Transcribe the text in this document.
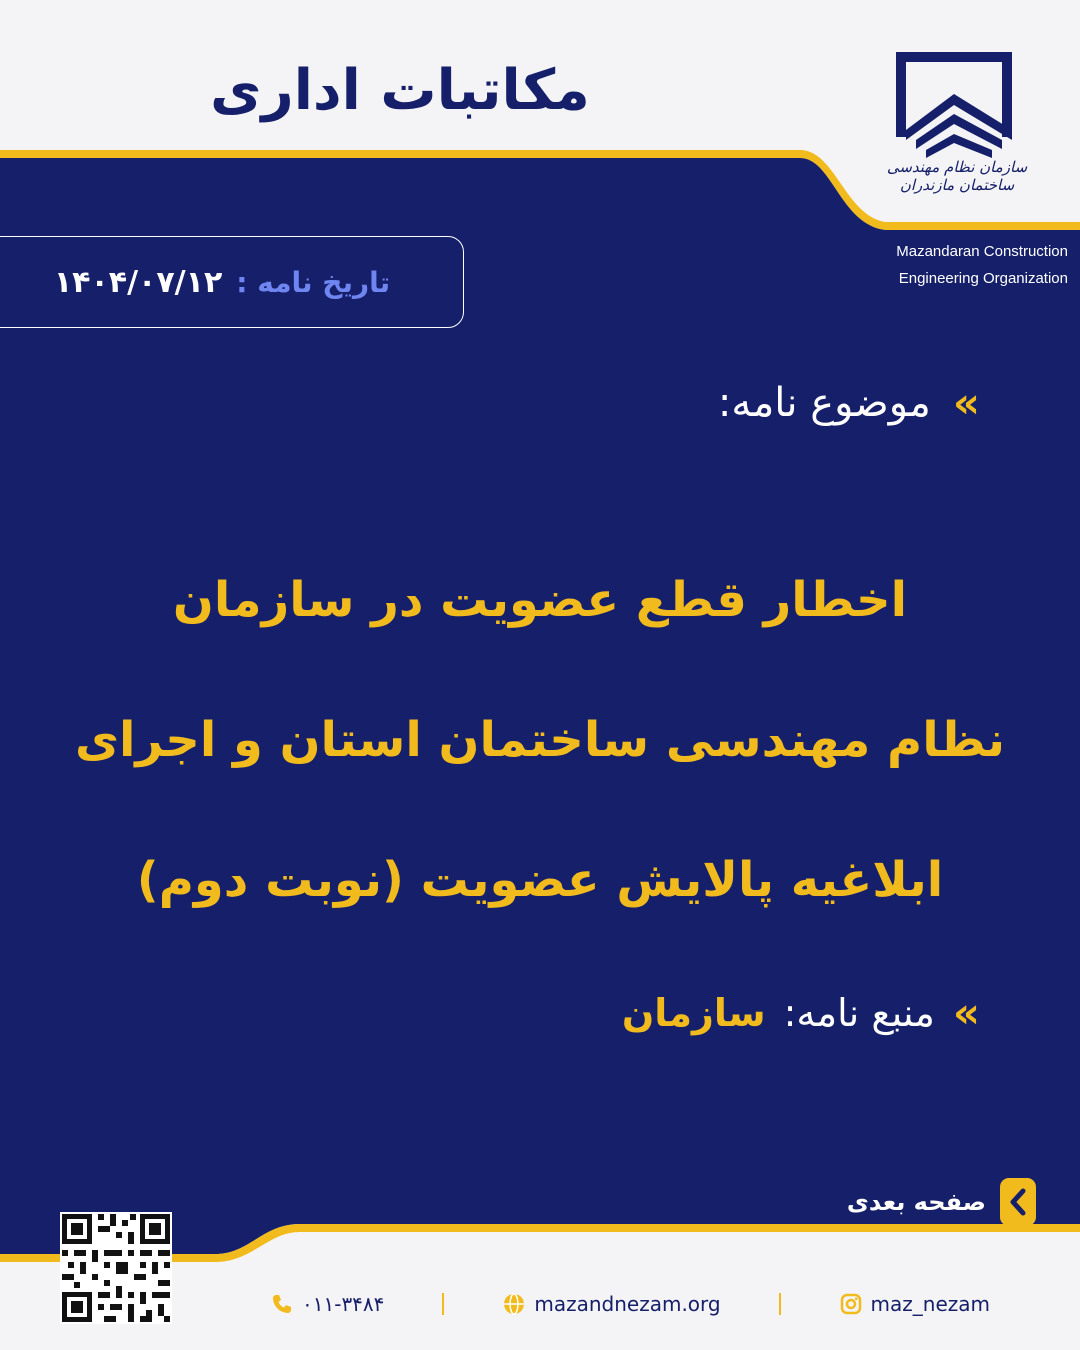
مکاتبات اداری
سازمان نظام مهندسی ساختمان مازندران
Mazandaran Construction
Engineering Organization
تاریخ نامه :
۱۴۰۴/۰۷/۱۲
»
موضوع نامه:
اخطار قطع عضویت در سازمان
نظام مهندسی ساختمان استان و اجرای
ابلاغیه پالایش عضویت (نوبت دوم)
»
منبع نامه:
سازمان
صفحه بعدی
۰۱۱-۳۴۸۴	mazandnezam.org	maz_nezam
